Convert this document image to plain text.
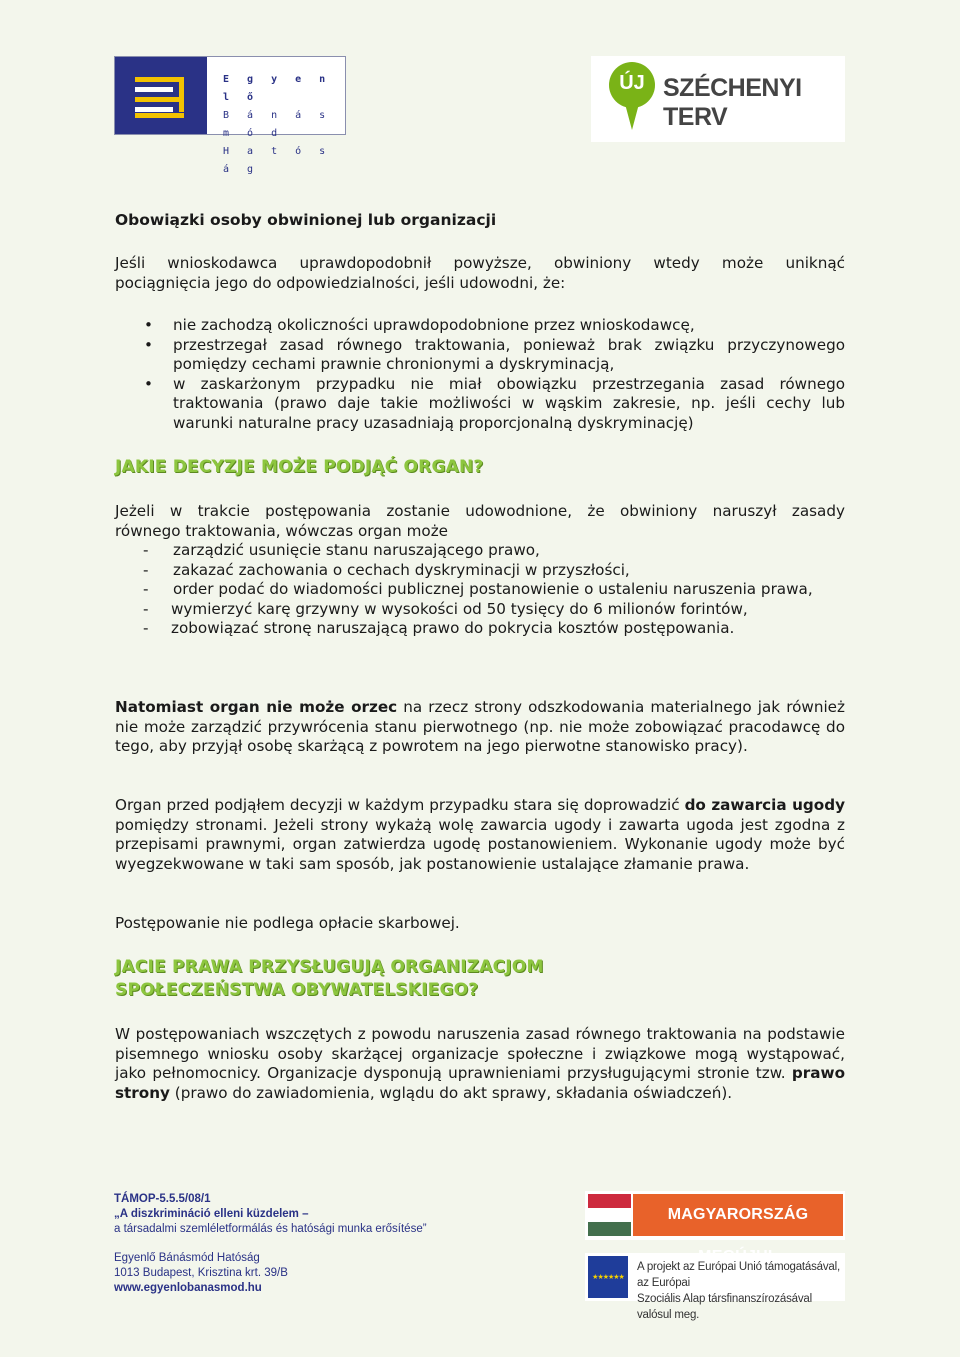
E g y e n l ő
B á n á s m ó d
H a t ó s á g
ÚJ SZÉCHENYI TERV
Obowiązki osoby obwinionej lub organizacji
Jeśli wnioskodawca uprawdopodobnił powyższe, obwiniony wtedy może uniknąć
pociągnięcia jego do odpowiedzialności, jeśli udowodni, że:
• nie zachodzą okoliczności uprawdopodobnione przez wnioskodawcę,
• przestrzegał zasad równego traktowania, ponieważ brak związku przyczynowego pomiędzy cechami prawnie chronionymi a dyskryminacją,
• w zaskarżonym przypadku nie miał obowiązku przestrzegania zasad równego traktowania (prawo daje takie możliwości w wąskim zakresie, np. jeśli cechy lub warunki naturalne pracy uzasadniają proporcjonalną dyskryminację)
JAKIE DECYZJE MOŻE PODJĄĆ ORGAN?
Jeżeli w trakcie postępowania zostanie udowodnione, że obwiniony naruszył zasady
równego traktowania, wówczas organ może
- zarządzić usunięcie stanu naruszającego prawo,
- zakazać zachowania o cechach dyskryminacji w przyszłości,
- order podać do wiadomości publicznej postanowienie o ustaleniu naruszenia prawa,
- wymierzyć karę grzywny w wysokości od 50 tysięcy do 6 milionów forintów,
- zobowiązać stronę naruszającą prawo do pokrycia kosztów postępowania.
Natomiast organ nie może orzec na rzecz strony odszkodowania materialnego jak również nie może zarządzić przywrócenia stanu pierwotnego (np. nie może zobowiązać pracodawcę do tego, aby przyjął osobę skarżącą z powrotem na jego pierwotne stanowisko pracy).
Organ przed podjąłem decyzji w każdym przypadku stara się doprowadzić do zawarcia ugody pomiędzy stronami. Jeżeli strony wykażą wolę zawarcia ugody i zawarta ugoda jest zgodna z przepisami prawnymi, organ zatwierdza ugodę postanowieniem. Wykonanie ugody może być wyegzekwowane w taki sam sposób, jak postanowienie ustalające złamanie prawa.
Postępowanie nie podlega opłacie skarbowej.
JACIE PRAWA PRZYSŁUGUJĄ ORGANIZACJOM
SPOŁECZEŃSTWA OBYWATELSKIEGO?
W postępowaniach wszczętych z powodu naruszenia zasad równego traktowania na podstawie pisemnego wniosku osoby skarżącej organizacje społeczne i związkowe mogą wystąpować, jako pełnomocnicy. Organizacje dysponują uprawnieniami przysługującymi stronie tzw. prawo strony (prawo do zawiadomienia, wglądu do akt sprawy, składania oświadczeń).
TÁMOP-5.5.5/08/1
„A diszkrimináció elleni küzdelem –
a társadalmi szemléletformálás és hatósági munka erősítése”
Egyenlő Bánásmód Hatóság
1013 Budapest, Krisztina krt. 39/B
www.egyenlobanasmod.hu
MAGYARORSZÁG
★★★★★★
A projekt az Európai Unió támogatásával, az Európai
Szociális Alap társfinanszírozásával valósul meg.
